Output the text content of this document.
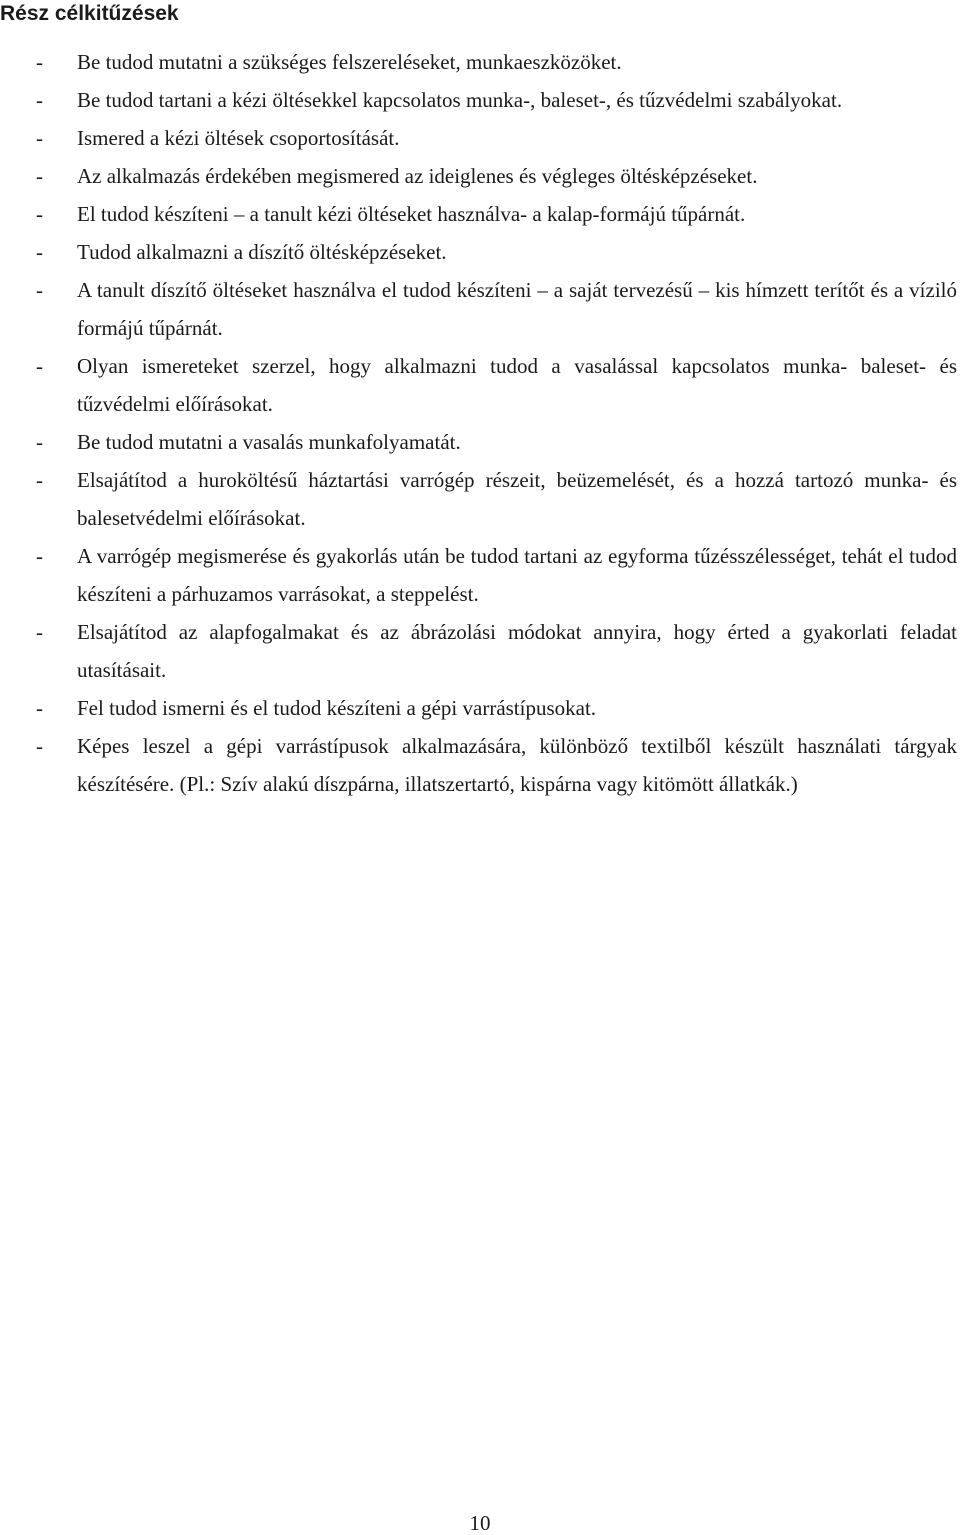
Rész célkitűzések
-	Be tudod mutatni a szükséges felszereléseket, munkaeszközöket.
-	Be tudod tartani a kézi öltésekkel kapcsolatos munka-, baleset-, és tűzvédelmi szabályokat.
-	Ismered a kézi öltések csoportosítását.
-	Az alkalmazás érdekében megismered az ideiglenes és végleges öltésképzéseket.
-	El tudod készíteni – a tanult kézi öltéseket használva- a kalap-formájú tűpárnát.
-	Tudod alkalmazni a díszítő öltésképzéseket.
-	A tanult díszítő öltéseket használva el tudod készíteni – a saját tervezésű – kis hímzett terítőt és a víziló formájú tűpárnát.
-	Olyan ismereteket szerzel, hogy alkalmazni tudod a vasalással kapcsolatos munka- baleset- és tűzvédelmi előírásokat.
-	Be tudod mutatni a vasalás munkafolyamatát.
-	Elsajátítod a huroköltésű háztartási varrógép részeit, beüzemelését, és a hozzá tartozó munka- és balesetvédelmi előírásokat.
-	A varrógép megismerése és gyakorlás után be tudod tartani az egyforma tűzésszélességet, tehát el tudod készíteni a párhuzamos varrásokat, a steppelést.
-	Elsajátítod az alapfogalmakat és az ábrázolási módokat annyira, hogy érted a gyakorlati feladat utasításait.
-	Fel tudod ismerni és el tudod készíteni a gépi varrástípusokat.
-	Képes leszel a gépi varrástípusok alkalmazására, különböző textilből készült használati tárgyak készítésére. (Pl.: Szív alakú díszpárna, illatszertartó, kispárna vagy kitömött állatkák.)
10
